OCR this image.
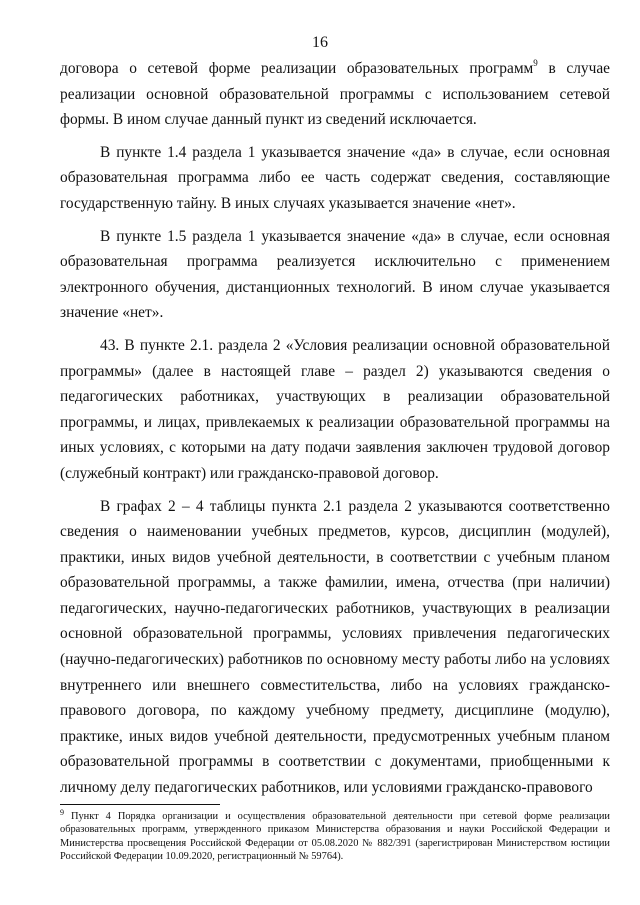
16

договора о сетевой форме реализации образовательных программ$^9$ в случае реализации основной образовательной программы с использованием сетевой формы. В ином случае данный пункт из сведений исключается.

В пункте 1.4 раздела 1 указывается значение «да» в случае, если основная образовательная программа либо ее часть содержат сведения, составляющие государственную тайну. В иных случаях указывается значение «нет».

В пункте 1.5 раздела 1 указывается значение «да» в случае, если основная образовательная программа реализуется исключительно с применением электронного обучения, дистанционных технологий. В ином случае указывается значение «нет».

43. В пункте 2.1. раздела 2 «Условия реализации основной образовательной программы» (далее в настоящей главе – раздел 2) указываются сведения о педагогических работниках, участвующих в реализации образовательной программы, и лицах, привлекаемых к реализации образовательной программы на иных условиях, с которыми на дату подачи заявления заключен трудовой договор (служебный контракт) или гражданско-правовой договор.

В графах 2 – 4 таблицы пункта 2.1 раздела 2 указываются соответственно сведения о наименовании учебных предметов, курсов, дисциплин (модулей), практики, иных видов учебной деятельности, в соответствии с учебным планом образовательной программы, а также фамилии, имена, отчества (при наличии) педагогических, научно-педагогических работников, участвующих в реализации основной образовательной программы, условиях привлечения педагогических (научно-педагогических) работников по основному месту работы либо на условиях внутреннего или внешнего совместительства, либо на условиях гражданско-правового договора, по каждому учебному предмету, дисциплине (модулю), практике, иных видов учебной деятельности, предусмотренных учебным планом образовательной программы в соответствии с документами, приобщенными к личному делу педагогических работников, или условиями гражданско-правового

$^9$ Пункт 4 Порядка организации и осуществления образовательной деятельности при сетевой форме реализации образовательных программ, утвержденного приказом Министерства образования и науки Российской Федерации и Министерства просвещения Российской Федерации от 05.08.2020 № 882/391 (зарегистрирован Министерством юстиции Российской Федерации 10.09.2020, регистрационный № 59764).
